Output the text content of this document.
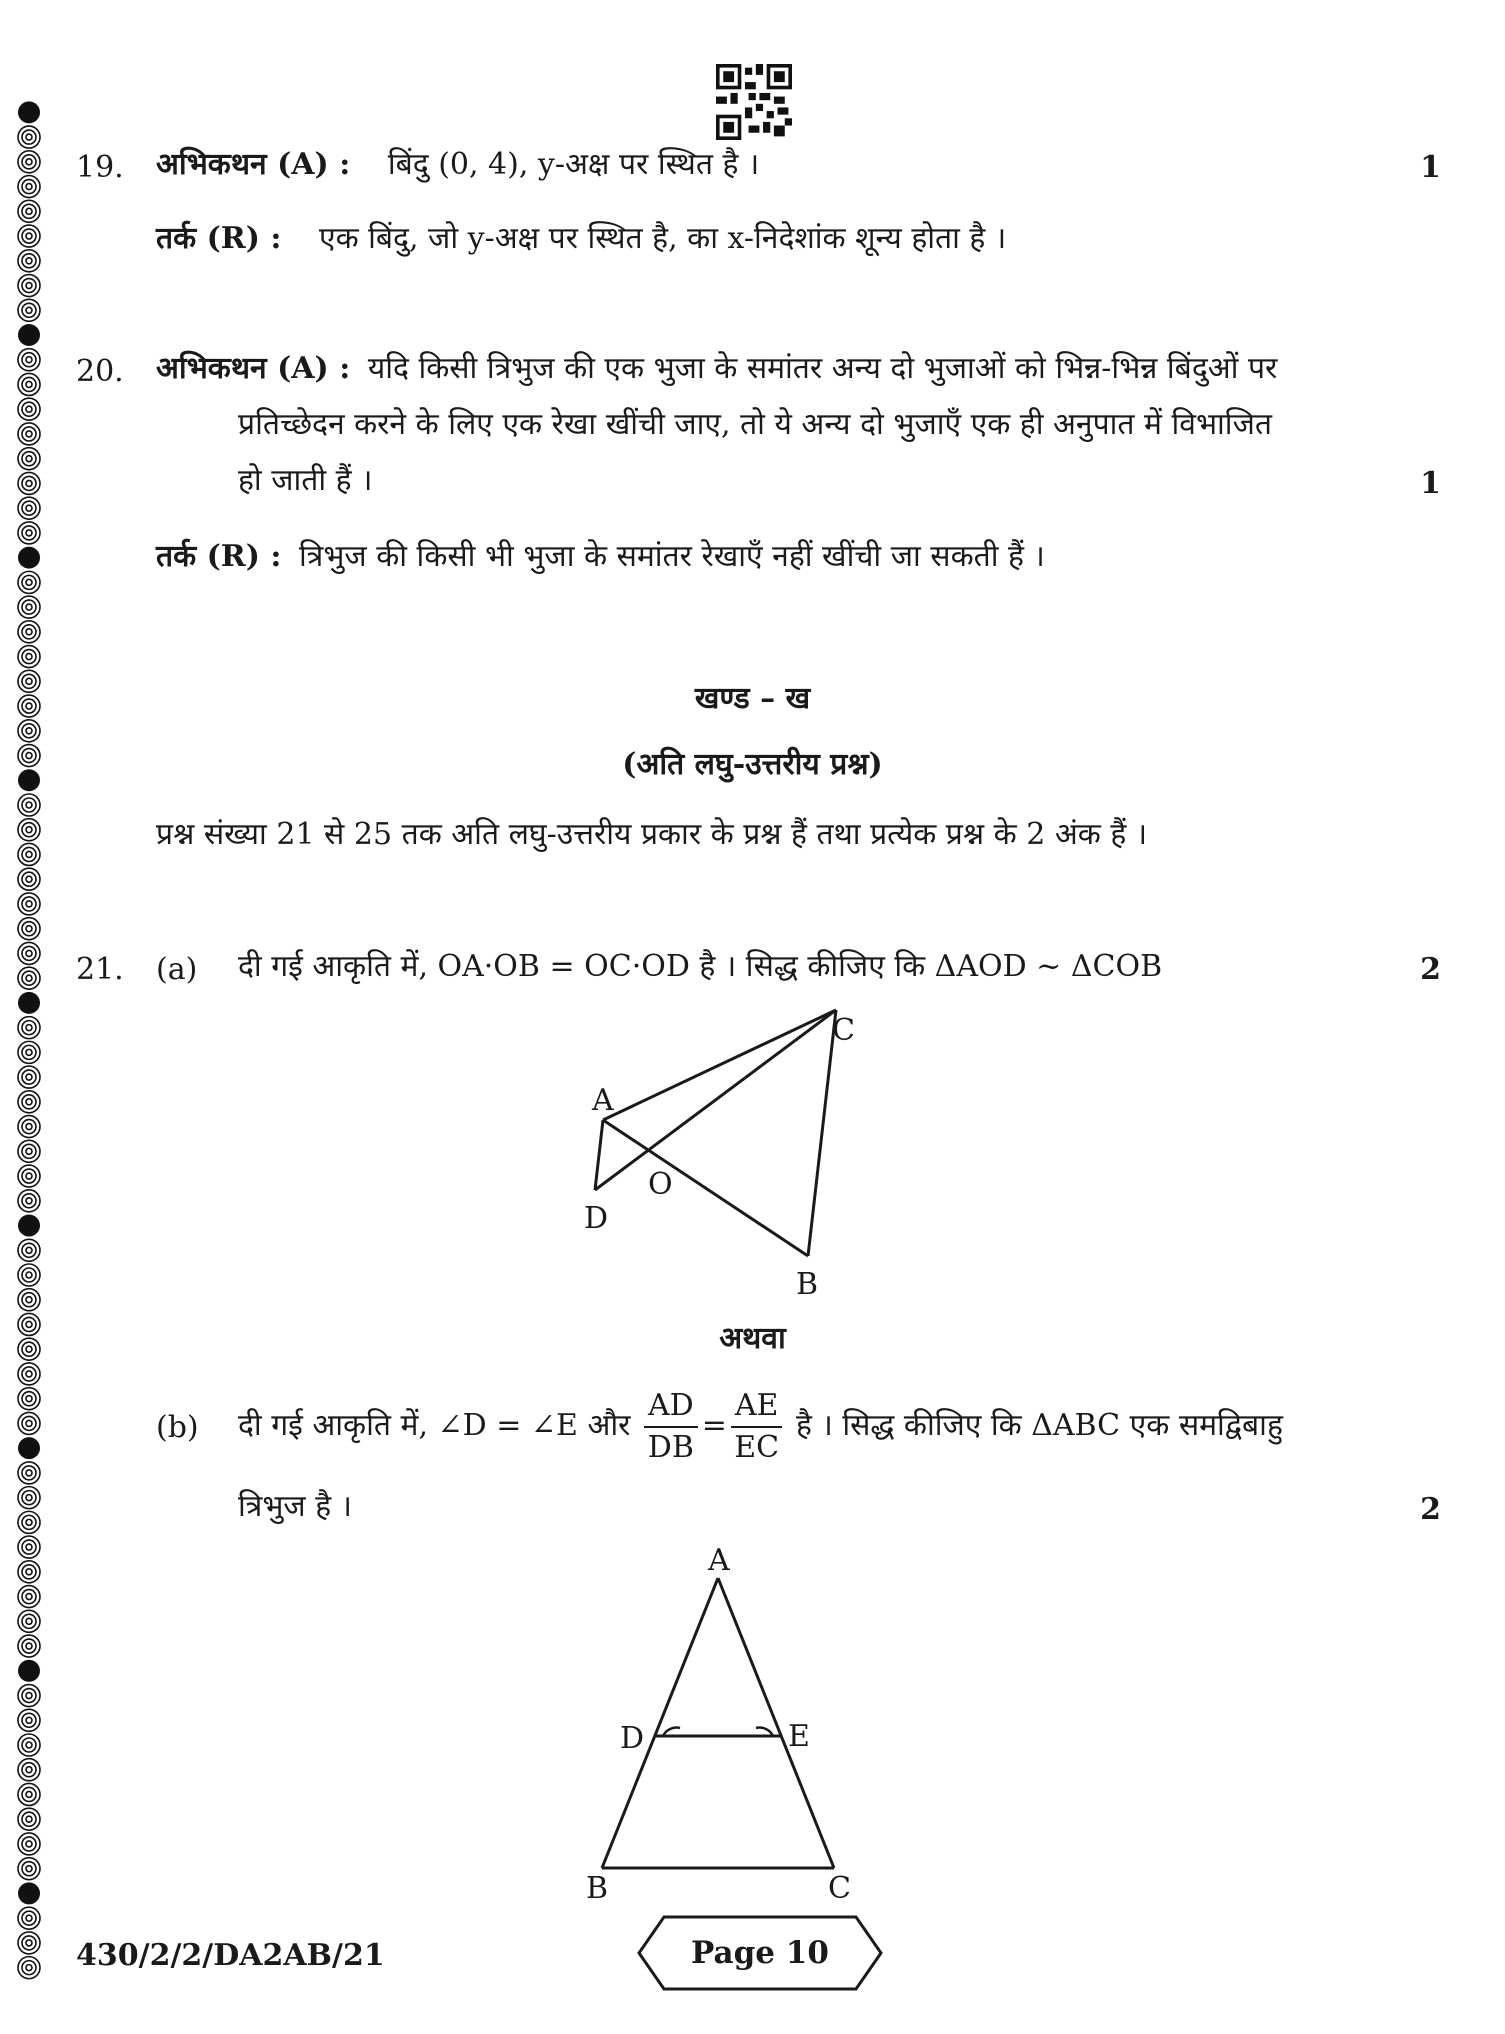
19. अभिकथन (A) : बिंदु (0, 4), y-अक्ष पर स्थित है ।	1
तर्क (R) : एक बिंदु, जो y-अक्ष पर स्थित है, का x-निदेशांक शून्य होता है ।
20. अभिकथन (A) : यदि किसी त्रिभुज की एक भुजा के समांतर अन्य दो भुजाओं को भिन्न-भिन्न बिंदुओं पर
प्रतिच्छेदन करने के लिए एक रेखा खींची जाए, तो ये अन्य दो भुजाएँ एक ही अनुपात में विभाजित
हो जाती हैं ।	1
तर्क (R) : त्रिभुज की किसी भी भुजा के समांतर रेखाएँ नहीं खींची जा सकती हैं ।
खण्ड – ख
(अति लघु-उत्तरीय प्रश्न)
प्रश्न संख्या 21 से 25 तक अति लघु-उत्तरीय प्रकार के प्रश्न हैं तथा प्रत्येक प्रश्न के 2 अंक हैं ।
21. (a) दी गई आकृति में, OA·OB = OC·OD है । सिद्ध कीजिए कि ΔAOD ~ ΔCOB	2
A
C
D
O
B
अथवा
(b) दी गई आकृति में, ∠D = ∠E और $\frac{AD}{DB} = \frac{AE}{EC}$ है । सिद्ध कीजिए कि ΔABC एक समद्विबाहु
त्रिभुज है ।	2
A
D	E
B	C
430/2/2/DA2AB/21	Page 10
